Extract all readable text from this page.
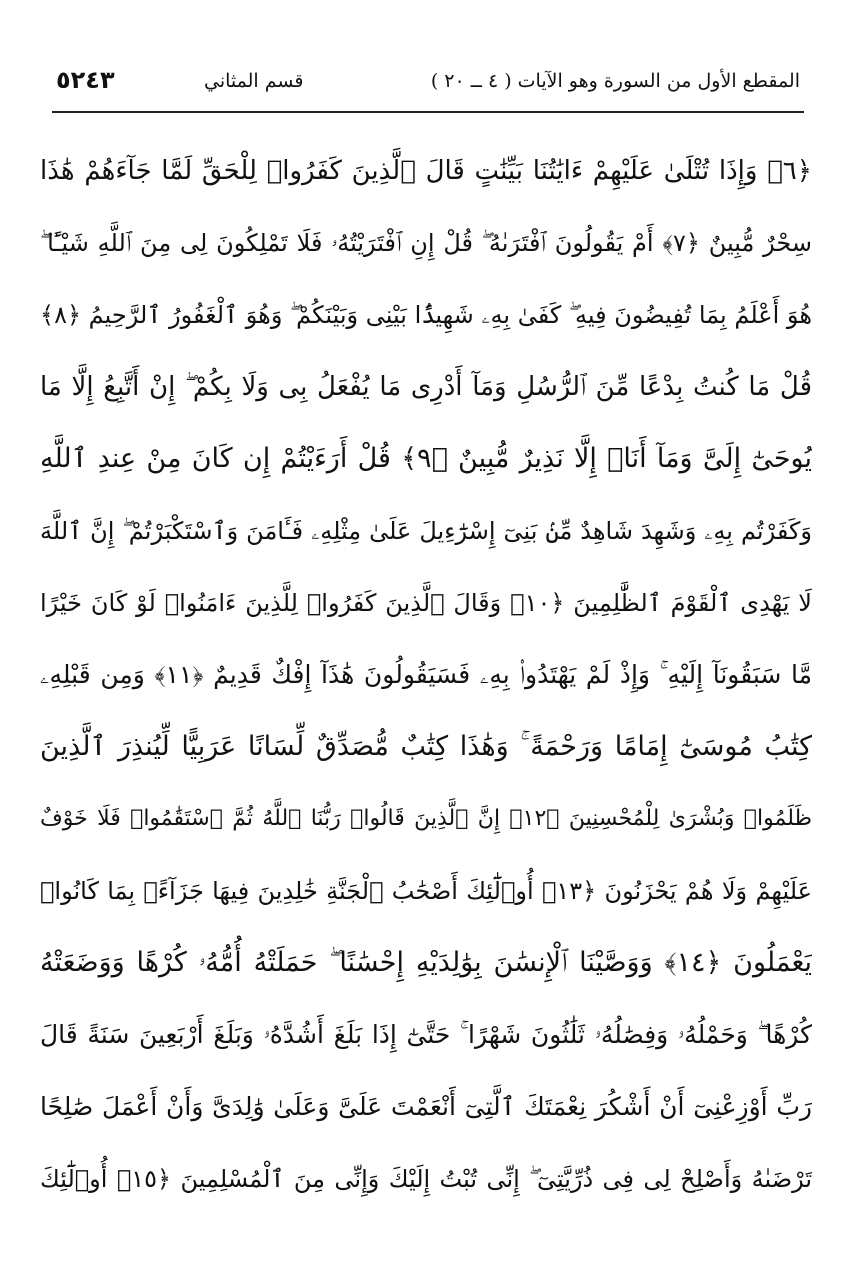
المقطع الأول من السورة وهو الآيات ( ٤ ــ ٢٠ )
قسم المثاني
٥٢٤٣
﴿٦﴾ وَإِذَا تُتْلَىٰ عَلَيْهِمْ ءَايَٰتُنَا بَيِّنَٰتٍ قَالَ ٱلَّذِينَ كَفَرُوا۟ لِلْحَقِّ لَمَّا جَآءَهُمْ هَٰذَا
سِحْرٌ مُّبِينٌ ﴿٧﴾ أَمْ يَقُولُونَ ٱفْتَرَىٰهُ ۖ قُلْ إِنِ ٱفْتَرَيْتُهُۥ فَلَا تَمْلِكُونَ لِى مِنَ ٱللَّهِ شَيْـًٔا ۖ
هُوَ أَعْلَمُ بِمَا تُفِيضُونَ فِيهِ ۖ كَفَىٰ بِهِۦ شَهِيدًۢا بَيْنِى وَبَيْنَكُمْ ۖ وَهُوَ ٱلْغَفُورُ ٱلرَّحِيمُ ﴿٨﴾
قُلْ مَا كُنتُ بِدْعًا مِّنَ ٱلرُّسُلِ وَمَآ أَدْرِى مَا يُفْعَلُ بِى وَلَا بِكُمْ ۖ إِنْ أَتَّبِعُ إِلَّا مَا
يُوحَىٰٓ إِلَىَّ وَمَآ أَنَا۠ إِلَّا نَذِيرٌ مُّبِينٌ ﴿٩﴾ قُلْ أَرَءَيْتُمْ إِن كَانَ مِنْ عِندِ ٱللَّهِ
وَكَفَرْتُم بِهِۦ وَشَهِدَ شَاهِدٌ مِّنۢ بَنِىٓ إِسْرَٰٓءِيلَ عَلَىٰ مِثْلِهِۦ فَـَٔامَنَ وَٱسْتَكْبَرْتُمْ ۖ إِنَّ ٱللَّهَ
لَا يَهْدِى ٱلْقَوْمَ ٱلظَّٰلِمِينَ ﴿١٠﴾ وَقَالَ ٱلَّذِينَ كَفَرُوا۟ لِلَّذِينَ ءَامَنُوا۟ لَوْ كَانَ خَيْرًا
مَّا سَبَقُونَآ إِلَيْهِ ۚ وَإِذْ لَمْ يَهْتَدُوا۟ بِهِۦ فَسَيَقُولُونَ هَٰذَآ إِفْكٌ قَدِيمٌ ﴿١١﴾ وَمِن قَبْلِهِۦ
كِتَٰبُ مُوسَىٰٓ إِمَامًا وَرَحْمَةً ۚ وَهَٰذَا كِتَٰبٌ مُّصَدِّقٌ لِّسَانًا عَرَبِيًّا لِّيُنذِرَ ٱلَّذِينَ
ظَلَمُوا۟ وَبُشْرَىٰ لِلْمُحْسِنِينَ ﴿١٢﴾ إِنَّ ٱلَّذِينَ قَالُوا۟ رَبُّنَا ٱللَّهُ ثُمَّ ٱسْتَقَٰمُوا۟ فَلَا خَوْفٌ
عَلَيْهِمْ وَلَا هُمْ يَحْزَنُونَ ﴿١٣﴾ أُو۟لَٰٓئِكَ أَصْحَٰبُ ٱلْجَنَّةِ خَٰلِدِينَ فِيهَا جَزَآءًۢ بِمَا كَانُوا۟
يَعْمَلُونَ ﴿١٤﴾ وَوَصَّيْنَا ٱلْإِنسَٰنَ بِوَٰلِدَيْهِ إِحْسَٰنًا ۖ حَمَلَتْهُ أُمُّهُۥ كُرْهًا وَوَضَعَتْهُ
كُرْهًا ۖ وَحَمْلُهُۥ وَفِصَٰلُهُۥ ثَلَٰثُونَ شَهْرًا ۚ حَتَّىٰٓ إِذَا بَلَغَ أَشُدَّهُۥ وَبَلَغَ أَرْبَعِينَ سَنَةً قَالَ
رَبِّ أَوْزِعْنِىٓ أَنْ أَشْكُرَ نِعْمَتَكَ ٱلَّتِىٓ أَنْعَمْتَ عَلَىَّ وَعَلَىٰ وَٰلِدَىَّ وَأَنْ أَعْمَلَ صَٰلِحًا
تَرْضَىٰهُ وَأَصْلِحْ لِى فِى ذُرِّيَّتِىٓ ۖ إِنِّى تُبْتُ إِلَيْكَ وَإِنِّى مِنَ ٱلْمُسْلِمِينَ ﴿١٥﴾ أُو۟لَٰٓئِكَ
